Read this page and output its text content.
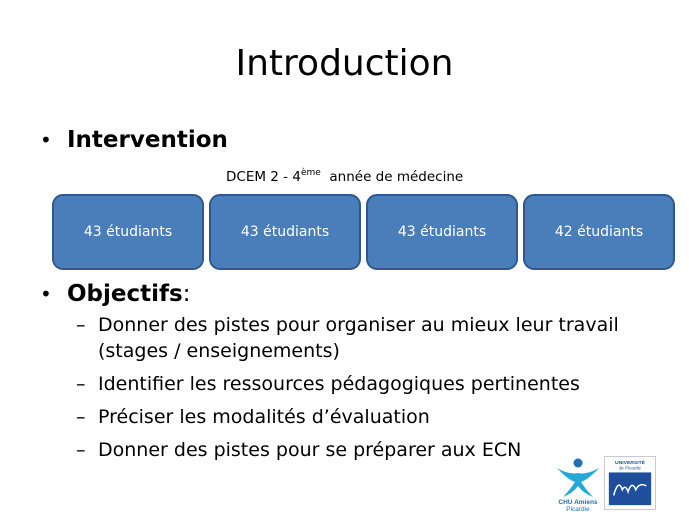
Introduction
• Intervention
DCEM 2 - 4ème année de médecine
43 étudiants	43 étudiants	43 étudiants	42 étudiants
• Objectifs:
– Donner des pistes pour organiser au mieux leur travail
(stages / enseignements)
– Identifier les ressources pédagogiques pertinentes
– Préciser les modalités d’évaluation
– Donner des pistes pour se préparer aux ECN
CHU Amiens
Picardie
UNIVERSITÉ
de Picardie
